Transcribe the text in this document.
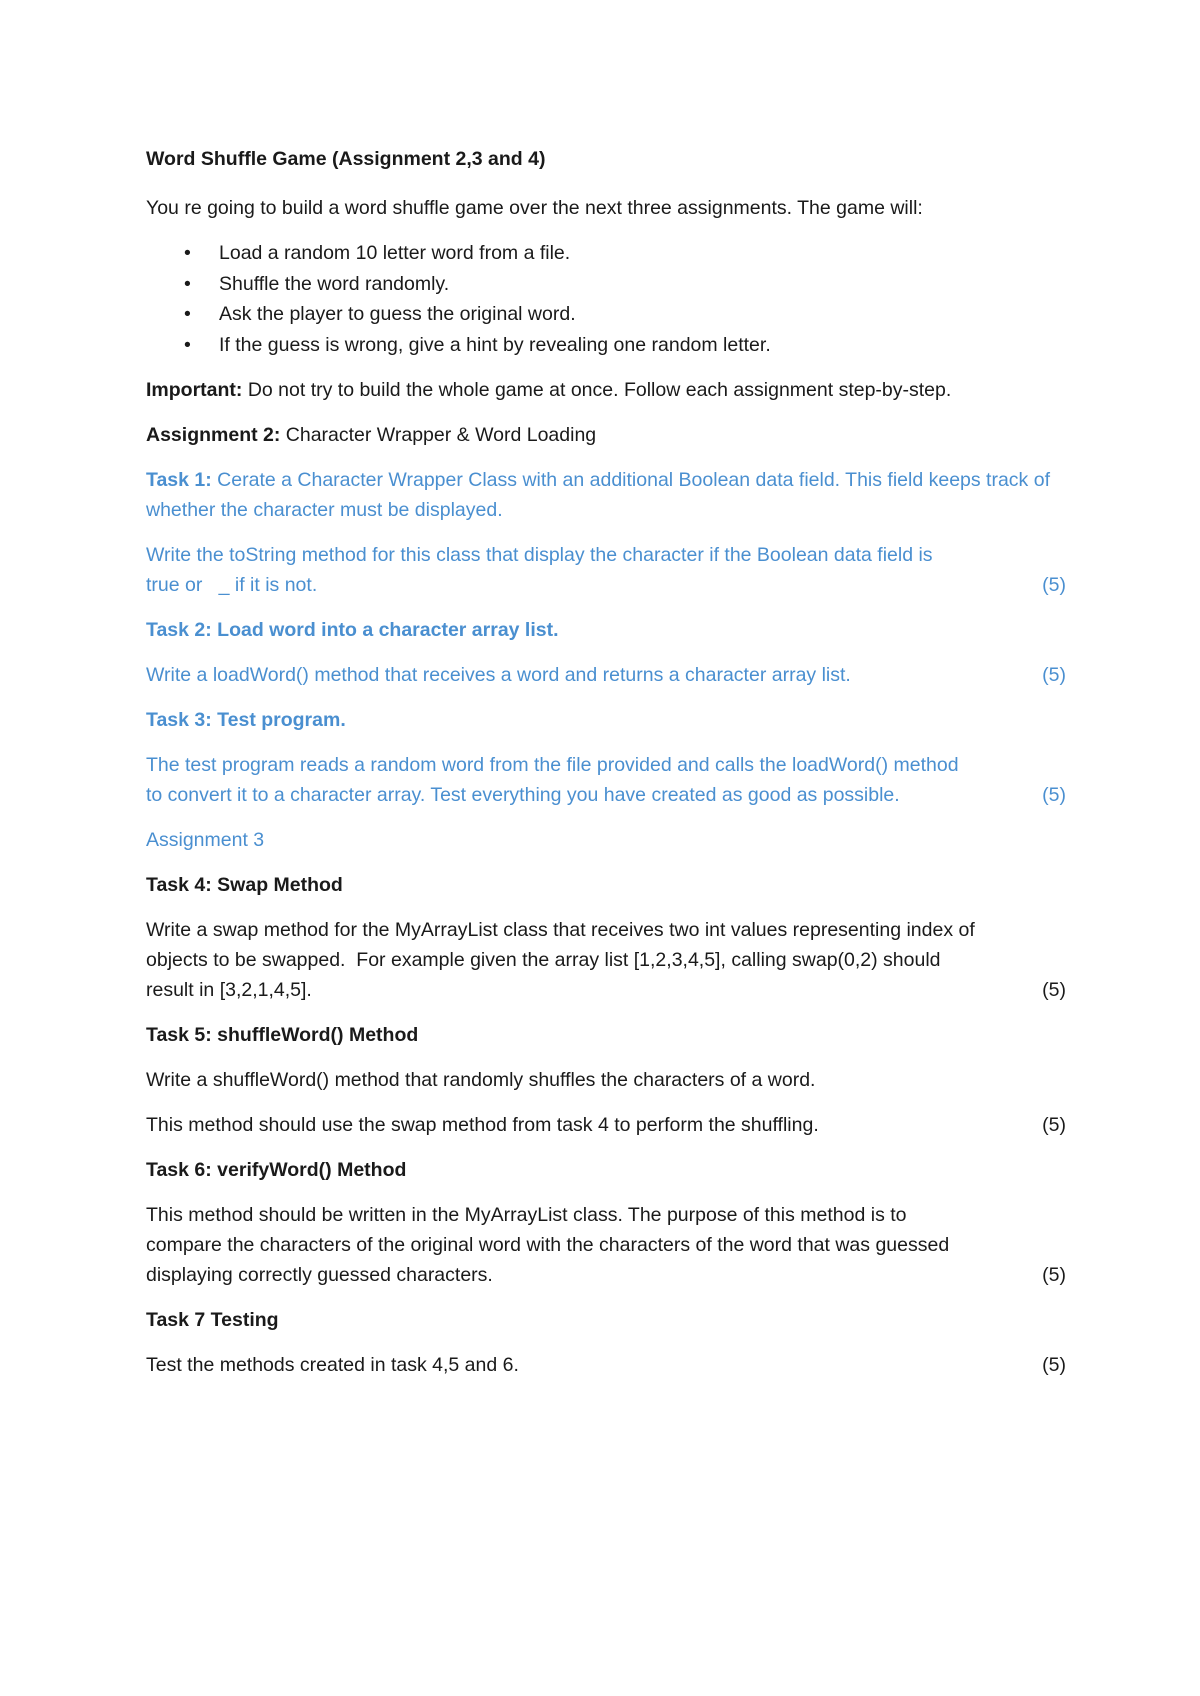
Word Shuffle Game (Assignment 2,3 and 4)

You re going to build a word shuffle game over the next three assignments. The game will:

• Load a random 10 letter word from a file.
• Shuffle the word randomly.
• Ask the player to guess the original word.
• If the guess is wrong, give a hint by revealing one random letter.

Important: Do not try to build the whole game at once. Follow each assignment step-by-step.

Assignment 2: Character Wrapper & Word Loading

Task 1: Cerate a Character Wrapper Class with an additional Boolean data field. This field keeps track of whether the character must be displayed.

Write the toString method for this class that display the character if the Boolean data field is
true or   _ if it is not.	(5)

Task 2: Load word into a character array list.

Write a loadWord() method that receives a word and returns a character array list.	(5)

Task 3: Test program.

The test program reads a random word from the file provided and calls the loadWord() method
to convert it to a character array. Test everything you have created as good as possible.	(5)

Assignment 3

Task 4: Swap Method

Write a swap method for the MyArrayList class that receives two int values representing index of
objects to be swapped.  For example given the array list [1,2,3,4,5], calling swap(0,2) should
result in [3,2,1,4,5].	(5)

Task 5: shuffleWord() Method

Write a shuffleWord() method that randomly shuffles the characters of a word.

This method should use the swap method from task 4 to perform the shuffling.	(5)

Task 6: verifyWord() Method

This method should be written in the MyArrayList class. The purpose of this method is to
compare the characters of the original word with the characters of the word that was guessed
displaying correctly guessed characters.	(5)

Task 7 Testing

Test the methods created in task 4,5 and 6.	(5)
